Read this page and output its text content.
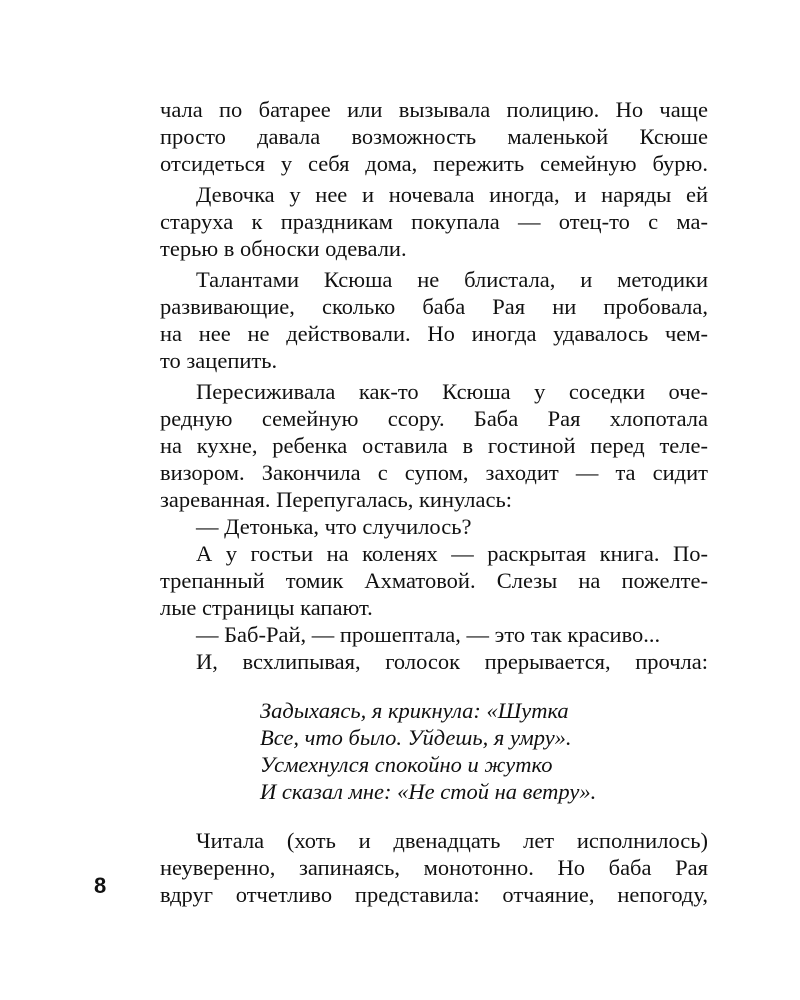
чала по батарее или вызывала полицию. Но чаще
просто давала возможность маленькой Ксюше
отсидеться у себя дома, пережить семейную бурю.
Девочка у нее и ночевала иногда, и наряды ей
старуха к праздникам покупала — отец-то с ма-
терью в обноски одевали.
Талантами Ксюша не блистала, и методики
развивающие, сколько баба Рая ни пробовала,
на нее не действовали. Но иногда удавалось чем-
то зацепить.
Пересиживала как-то Ксюша у соседки оче-
редную семейную ссору. Баба Рая хлопотала
на кухне, ребенка оставила в гостиной перед теле-
визором. Закончила с супом, заходит — та сидит
зареванная. Перепугалась, кинулась:
— Детонька, что случилось?
А у гостьи на коленях — раскрытая книга. По-
трепанный томик Ахматовой. Слезы на пожелте-
лые страницы капают.
— Баб-Рай, — прошептала, — это так красиво...
И, всхлипывая, голосок прерывается, прочла:
Задыхаясь, я крикнула: «Шутка
Все, что было. Уйдешь, я умру».
Усмехнулся спокойно и жутко
И сказал мне: «Не стой на ветру».
Читала (хоть и двенадцать лет исполнилось)
неуверенно, запинаясь, монотонно. Но баба Рая
вдруг отчетливо представила: отчаяние, непогоду,
8
